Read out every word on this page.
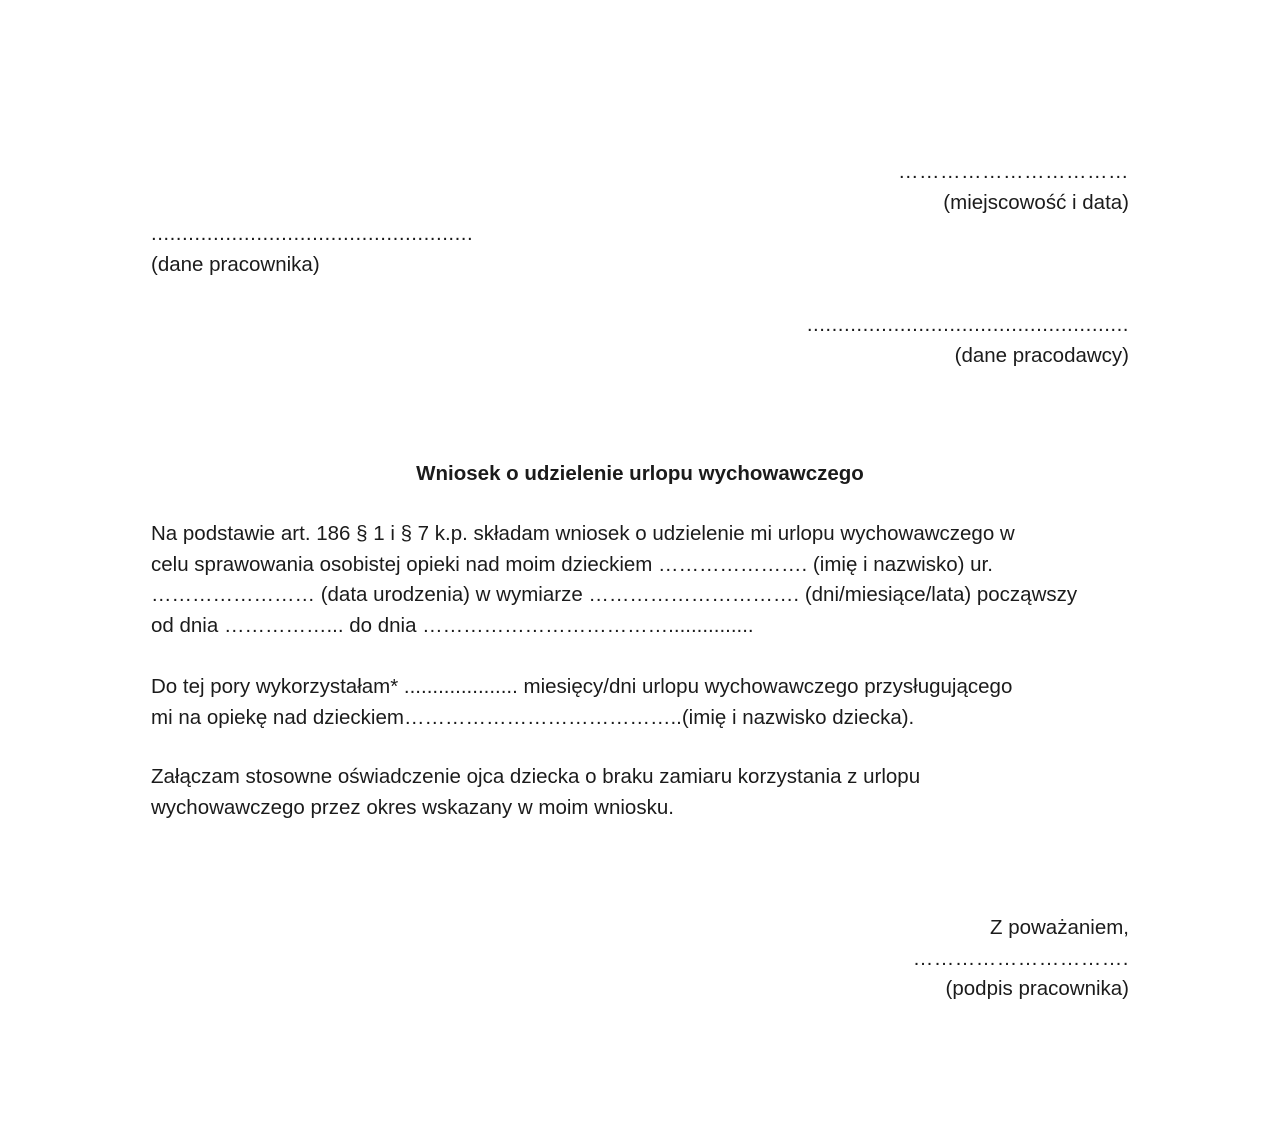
……………………………
(miejscowość i data)
....................................................
(dane pracownika)
....................................................
(dane pracodawcy)
Wniosek o udzielenie urlopu wychowawczego
Na podstawie art. 186 § 1 i § 7 k.p. składam wniosek o udzielenie mi urlopu wychowawczego w
celu sprawowania osobistej opieki nad moim dzieckiem …………………. (imię i nazwisko) ur.
…………………… (data urodzenia) w wymiarze …………………………. (dni/miesiące/lata) począwszy
od dnia ……………... do dnia ………………………………...............
Do tej pory wykorzystałam* .................... miesięcy/dni urlopu wychowawczego przysługującego
mi na opiekę nad dzieckiem…………………………………..(imię i nazwisko dziecka).
Załączam stosowne oświadczenie ojca dziecka o braku zamiaru korzystania z urlopu
wychowawczego przez okres wskazany w moim wniosku.
Z poważaniem,
………………………….
(podpis pracownika)
